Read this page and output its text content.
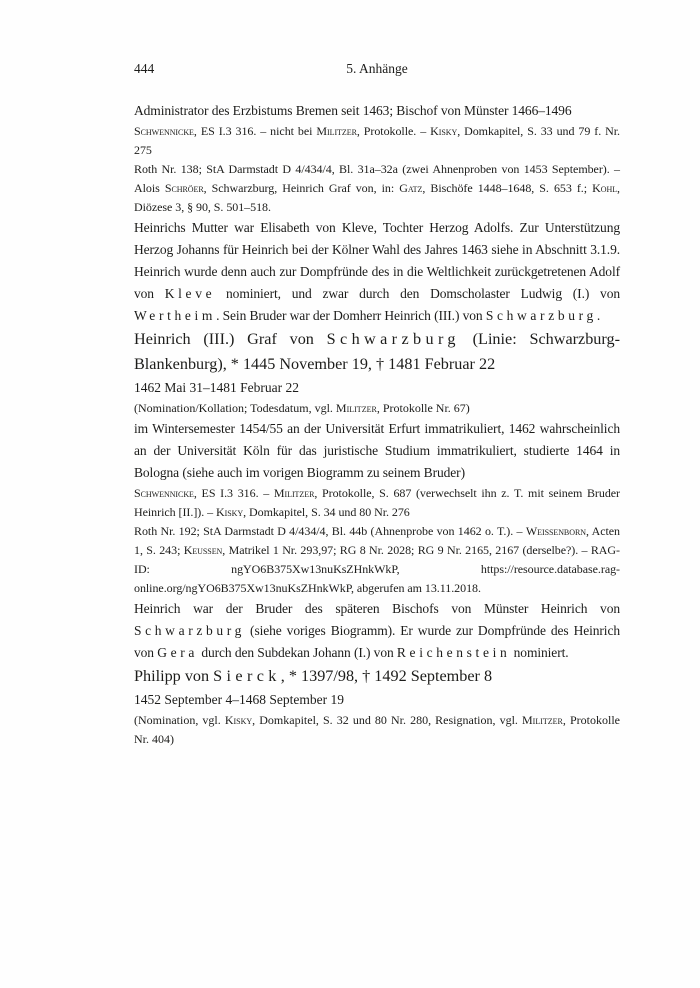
444	5. Anhänge

Administrator des Erzbistums Bremen seit 1463; Bischof von Münster 1466–1496

Schwennicke, ES I.3 316. – nicht bei Militzer, Protokolle. – Kisky, Domkapitel, S. 33 und 79 f. Nr. 275

Roth Nr. 138; StA Darmstadt D 4/434/4, Bl. 31a–32a (zwei Ahnenproben von 1453 September). – Alois Schröer, Schwarzburg, Heinrich Graf von, in: Gatz, Bischöfe 1448–1648, S. 653 f.; Kohl, Diözese 3, § 90, S. 501–518.

Heinrichs Mutter war Elisabeth von Kleve, Tochter Herzog Adolfs. Zur Unterstützung Herzog Johanns für Heinrich bei der Kölner Wahl des Jahres 1463 siehe in Abschnitt 3.1.9. Heinrich wurde denn auch zur Dompfründe des in die Weltlichkeit zurückgetretenen Adolf von Kleve nominiert, und zwar durch den Domscholaster Ludwig (I.) von Wertheim. Sein Bruder war der Domherr Heinrich (III.) von Schwarzburg.

Heinrich (III.) Graf von Schwarzburg (Linie: Schwarzburg-Blankenburg), * 1445 November 19, † 1481 Februar 22

1462 Mai 31–1481 Februar 22

(Nomination/Kollation; Todesdatum, vgl. Militzer, Protokolle Nr. 67)

im Wintersemester 1454/55 an der Universität Erfurt immatrikuliert, 1462 wahrscheinlich an der Universität Köln für das juristische Studium immatrikuliert, studierte 1464 in Bologna (siehe auch im vorigen Biogramm zu seinem Bruder)

Schwennicke, ES I.3 316. – Militzer, Protokolle, S. 687 (verwechselt ihn z. T. mit seinem Bruder Heinrich [II.]). – Kisky, Domkapitel, S. 34 und 80 Nr. 276

Roth Nr. 192; StA Darmstadt D 4/434/4, Bl. 44b (Ahnenprobe von 1462 o. T.). – Weissenborn, Acten 1, S. 243; Keussen, Matrikel 1 Nr. 293,97; RG 8 Nr. 2028; RG 9 Nr. 2165, 2167 (derselbe?). – RAG-ID: ngYO6B375Xw13nuKsZHnkWkP, https://resource.database.rag-online.org/ngYO6B375Xw13nuKsZHnkWkP, abgerufen am 13.11.2018.

Heinrich war der Bruder des späteren Bischofs von Münster Heinrich von Schwarzburg (siehe voriges Biogramm). Er wurde zur Dompfründe des Heinrich von Gera durch den Subdekan Johann (I.) von Reichenstein nominiert.

Philipp von Sierck, * 1397/98, † 1492 September 8

1452 September 4–1468 September 19

(Nomination, vgl. Kisky, Domkapitel, S. 32 und 80 Nr. 280, Resignation, vgl. Militzer, Protokolle Nr. 404)
